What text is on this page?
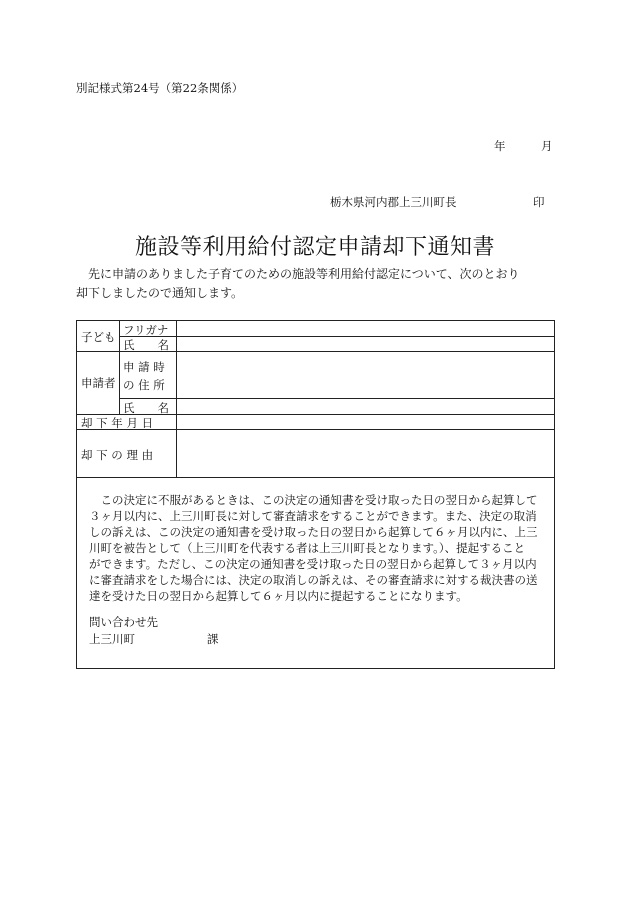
別記様式第24号（第22条関係）
年	月
栃木県河内郡上三川町長	印
施設等利用給付認定申請却下通知書
　先に申請のありました子育てのための施設等利用給付認定について、次のとおり
却下しましたので通知します。
子ども フリガナ
氏　　名
申請者
申 請 時
の 住 所
氏　　名
却 下 年 月 日
却 下 の 理 由
　この決定に不服があるときは、この決定の通知書を受け取った日の翌日から起算して
３ヶ月以内に、上三川町長に対して審査請求をすることができます。また、決定の取消
しの訴えは、この決定の通知書を受け取った日の翌日から起算して６ヶ月以内に、上三
川町を被告として（上三川町を代表する者は上三川町長となります。）、提起すること
ができます。ただし、この決定の通知書を受け取った日の翌日から起算して３ヶ月以内
に審査請求をした場合には、決定の取消しの訴えは、その審査請求に対する裁決書の送
達を受けた日の翌日から起算して６ヶ月以内に提起することになります。
問い合わせ先
上三川町	課
